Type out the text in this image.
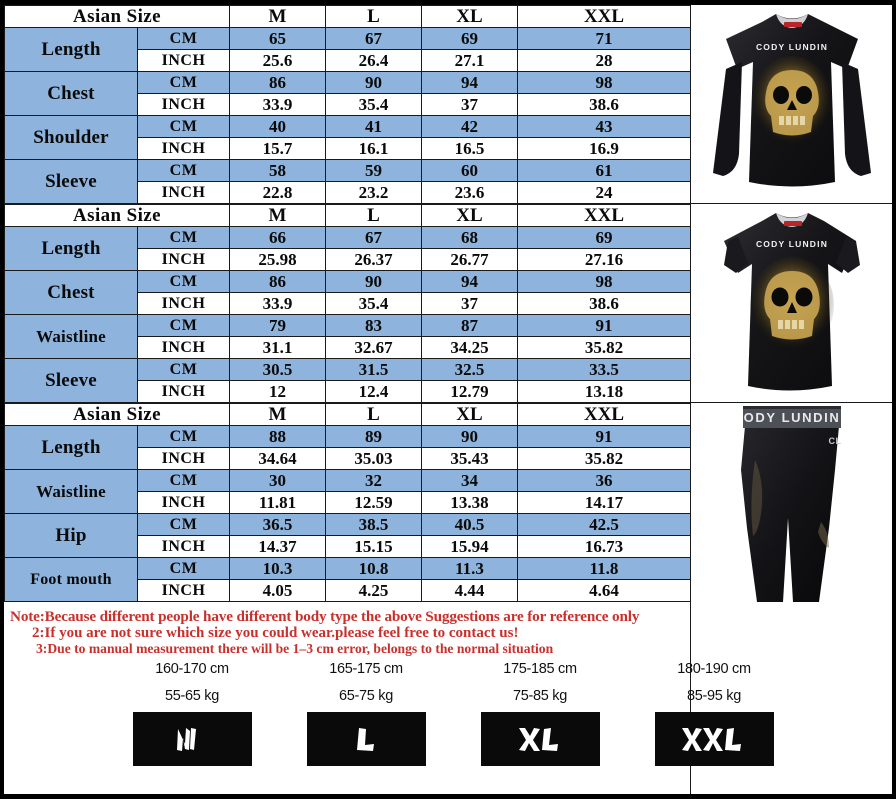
Asian Size		M	L	XL	XXL
Length	CM	65	67	69	71
	INCH	25.6	26.4	27.1	28
Chest	CM	86	90	94	98
	INCH	33.9	35.4	37	38.6
Shoulder	CM	40	41	42	43
	INCH	15.7	16.1	16.5	16.9
Sleeve	CM	58	59	60	61
	INCH	22.8	23.2	23.6	24
Asian Size		M	L	XL	XXL
Length	CM	66	67	68	69
	INCH	25.98	26.37	26.77	27.16
Chest	CM	86	90	94	98
	INCH	33.9	35.4	37	38.6
Waistline	CM	79	83	87	91
	INCH	31.1	32.67	34.25	35.82
Sleeve	CM	30.5	31.5	32.5	33.5
	INCH	12	12.4	12.79	13.18
Asian Size		M	L	XL	XXL
Length	CM	88	89	90	91
	INCH	34.64	35.03	35.43	35.82
Waistline	CM	30	32	34	36
	INCH	11.81	12.59	13.38	14.17
Hip	CM	36.5	38.5	40.5	42.5
	INCH	14.37	15.15	15.94	16.73
Foot mouth	CM	10.3	10.8	11.3	11.8
	INCH	4.05	4.25	4.44	4.64
CODY LUNDIN
CODY LUNDIN
ODY LUNDIN
CL
Note:Because different people have different body type the above Suggestions are for reference only
2:If you are not sure which size you could wear.please feel free to contact us!
3:Due to manual measurement there will be 1–3 cm error, belongs to the normal situation
160-170 cm
55-65 kg
165-175 cm
65-75 kg
175-185 cm
75-85 kg
180-190 cm
85-95 kg
